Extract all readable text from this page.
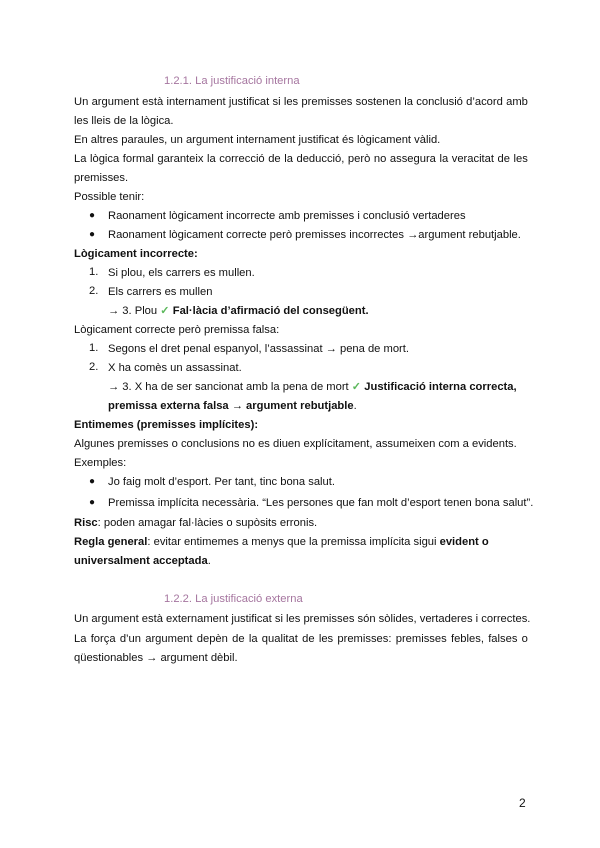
1.2.1. La justificació interna
Un argument està internament justificat si les premisses sostenen la conclusió d’acord amb
les lleis de la lògica.
En altres paraules, un argument internament justificat és lògicament vàlid.
La lògica formal garanteix la correcció de la deducció, però no assegura la veracitat de les
premisses.
Possible tenir:
● Raonament lògicament incorrecte amb premisses i conclusió vertaderes
● Raonament lògicament correcte però premisses incorrectes →argument rebutjable.
Lògicament incorrecte:
1. Si plou, els carrers es mullen.
2. Els carrers es mullen
→ 3. Plou ✓ Fal·làcia d’afirmació del consegüent.
Lògicament correcte però premissa falsa:
1. Segons el dret penal espanyol, l’assassinat → pena de mort.
2. X ha comès un assassinat.
→ 3. X ha de ser sancionat amb la pena de mort ✓ Justificació interna correcta,
premissa externa falsa → argument rebutjable.
Entimemes (premisses implícites):
Algunes premisses o conclusions no es diuen explícitament, assumeixen com a evidents.
Exemples:
● Jo faig molt d’esport. Per tant, tinc bona salut.
● Premissa implícita necessària. “Les persones que fan molt d’esport tenen bona salut”.
Risc: poden amagar fal·làcies o supòsits erronis.
Regla general: evitar entimemes a menys que la premissa implícita sigui evident o
universalment acceptada.
1.2.2. La justificació externa
Un argument està externament justificat si les premisses són sòlides, vertaderes i correctes.
La força d’un argument depèn de la qualitat de les premisses: premisses febles, falses o
qüestionables → argument dèbil.
2
